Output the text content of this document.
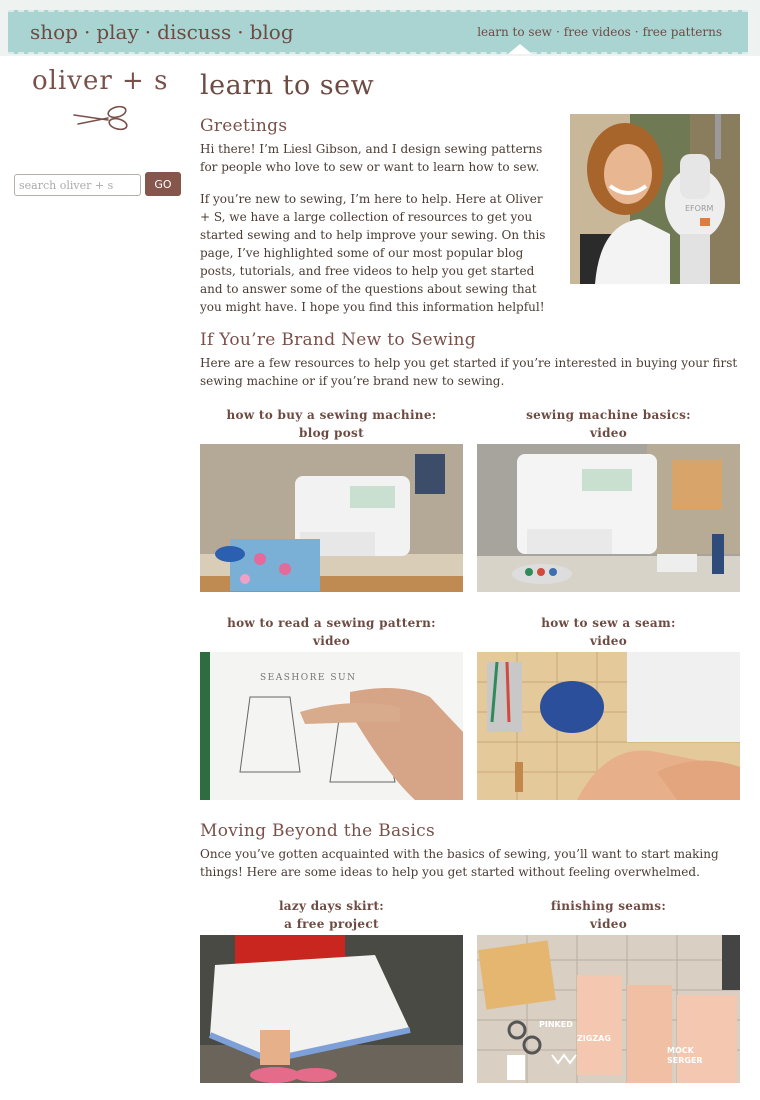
shop · play · discuss · blog	learn to sew · free videos · free patterns
oliver + s
search oliver + s
GO
learn to sew
Greetings

Hi there! I’m Liesl Gibson, and I design sewing patterns for people who love to sew or want to learn how to sew.

If you’re new to sewing, I’m here to help. Here at Oliver + S, we have a large collection of resources to get you started sewing and to help improve your sewing. On this page, I’ve highlighted some of our most popular blog posts, tutorials, and free videos to help you get started and to answer some of the questions about sewing that you might have. I hope you find this information helpful!

EFORM
If You’re Brand New to Sewing

Here are a few resources to help you get started if you’re interested in buying your first sewing machine or if you’re brand new to sewing.

how to buy a sewing machine:
blog post
sewing machine basics:
video
how to read a sewing pattern:
video
SEASHORE SUN
how to sew a seam:
video
Moving Beyond the Basics

Once you’ve gotten acquainted with the basics of sewing, you’ll want to start making things! Here are some ideas to help you get started without feeling overwhelmed.

lazy days skirt:
a free project
finishing seams:
video
PINKED
ZIGZAG
MOCK
SERGER
